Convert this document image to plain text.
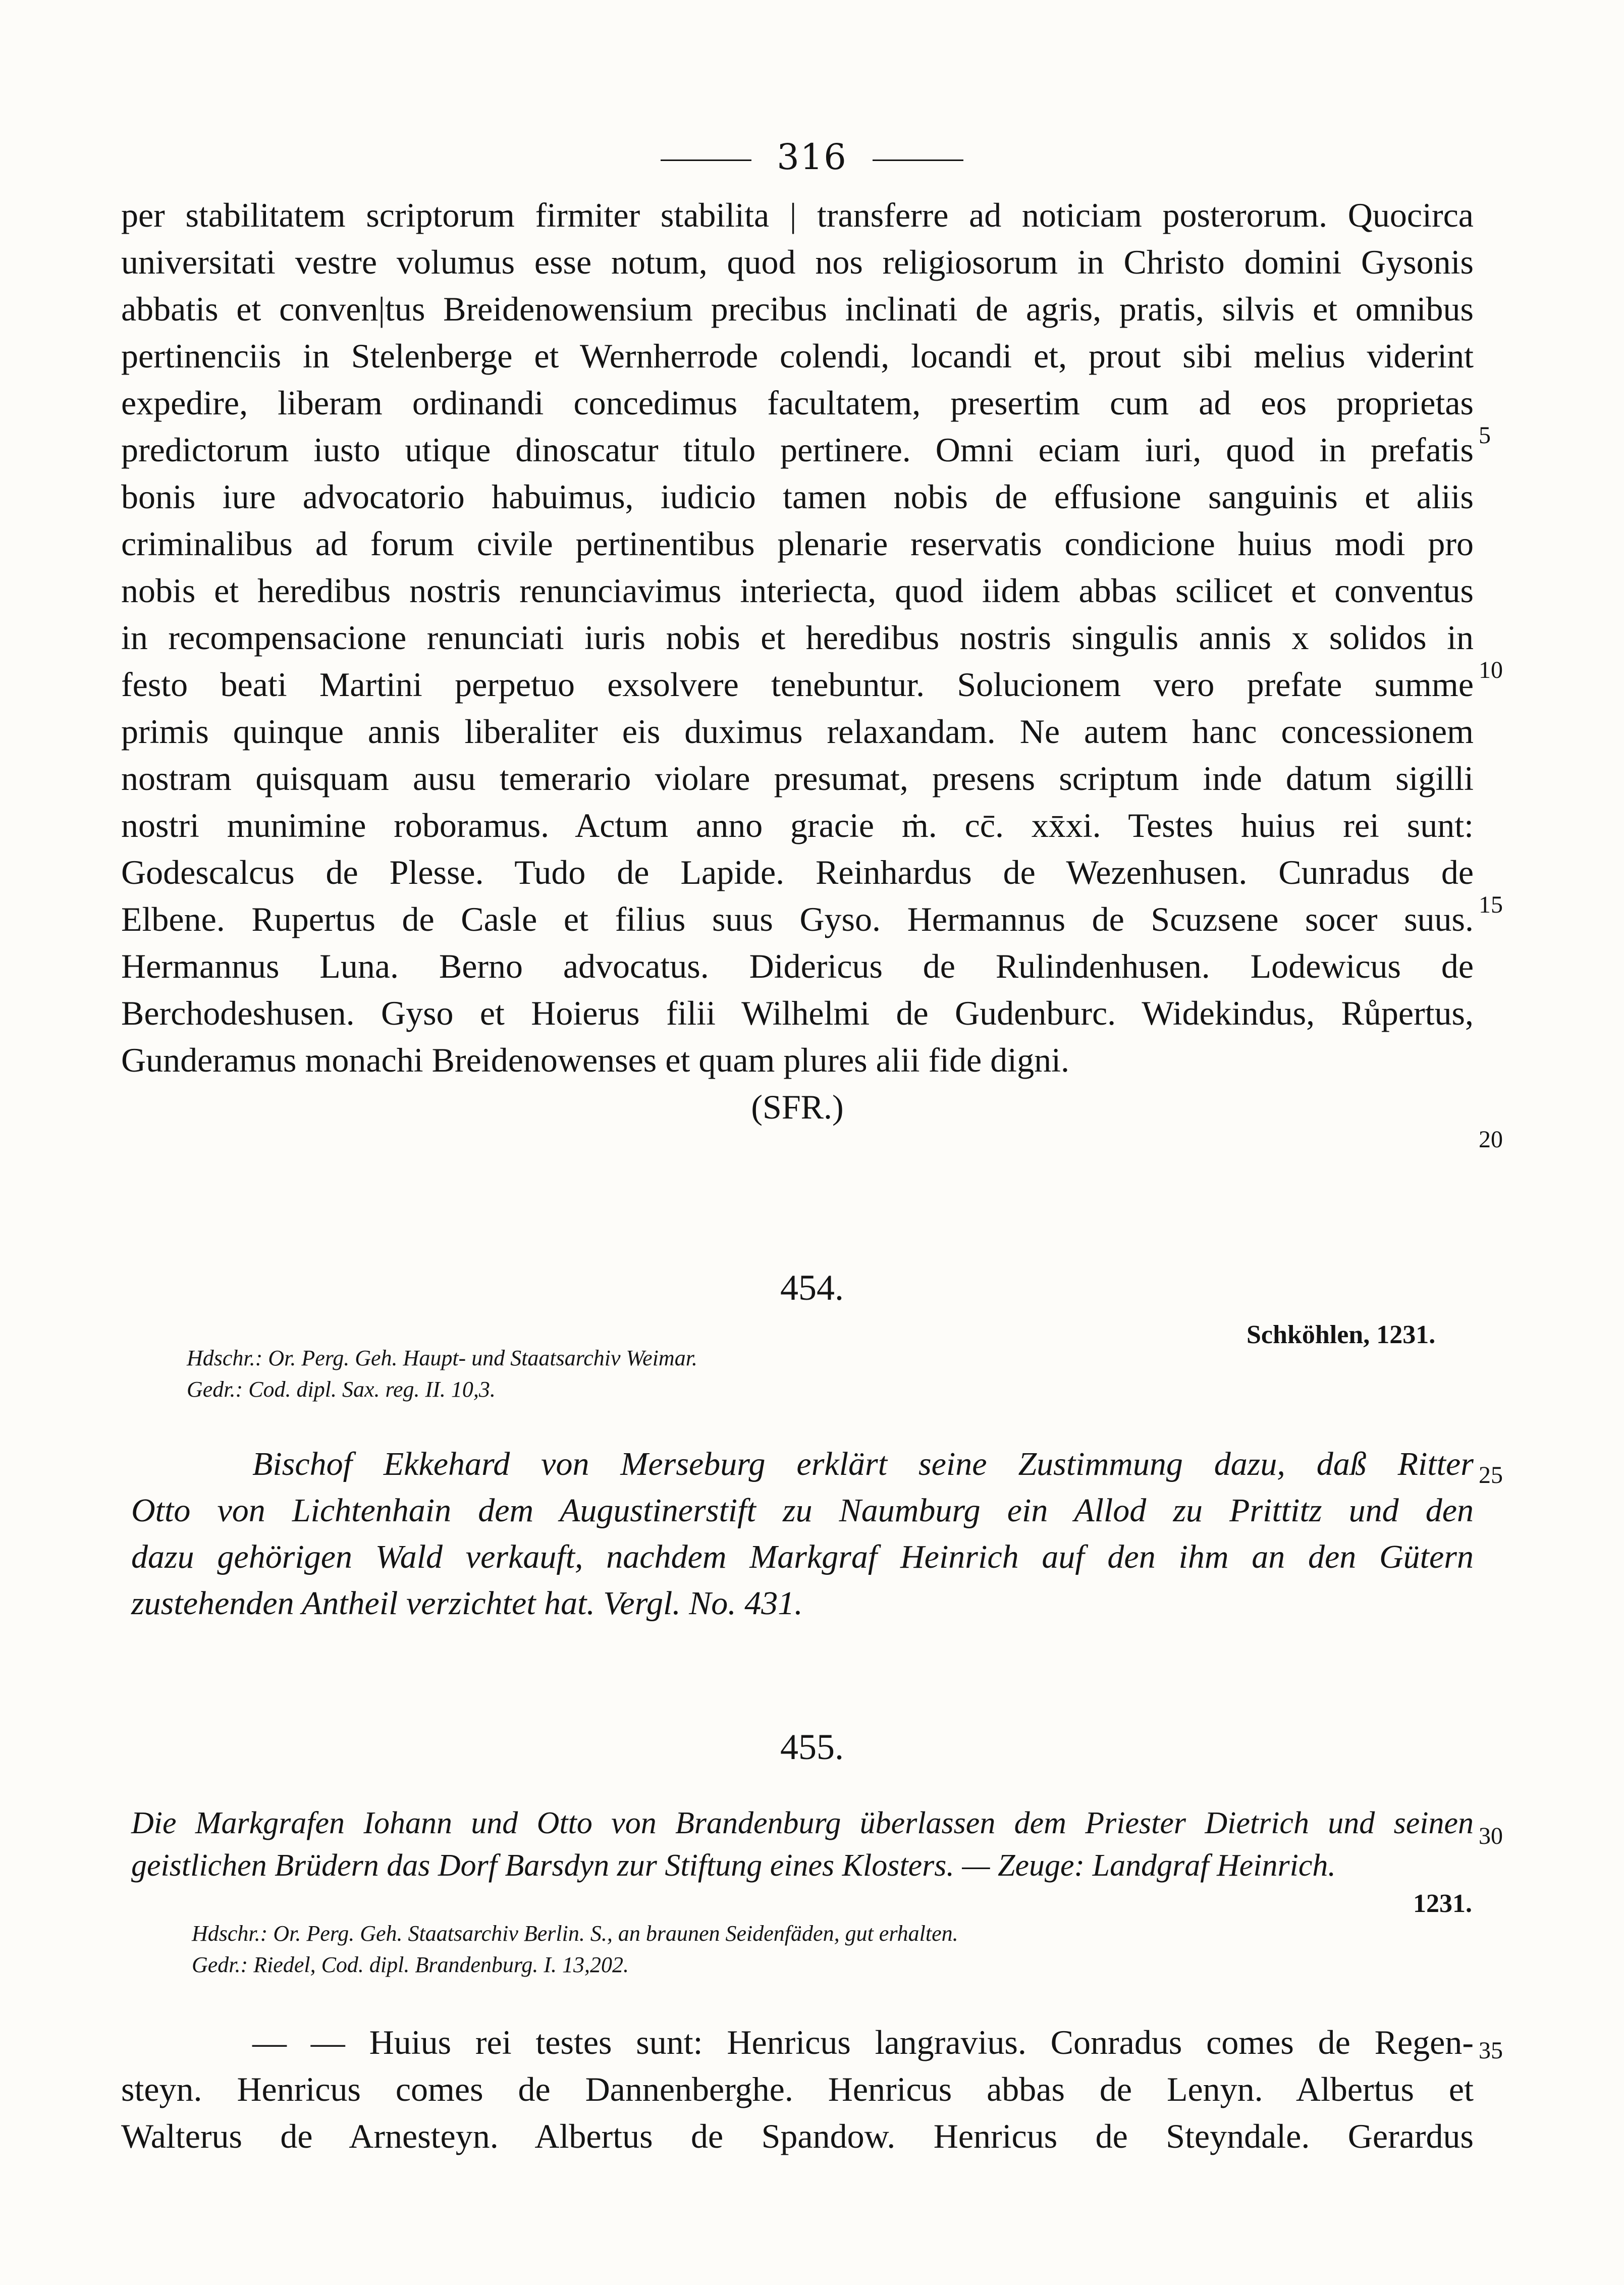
316
per stabilitatem scriptorum firmiter stabilita | transferre ad noticiam posterorum. Quocirca
universitati vestre volumus esse notum, quod nos religiosorum in Christo domini Gysonis
abbatis et conven|tus Breidenowensium precibus inclinati de agris, pratis, silvis et omnibus
pertinenciis in Stelenberge et Wernherrode colendi, locandi et, prout sibi melius viderint
expedire, liberam ordinandi concedimus facultatem, presertim cum ad eos proprietas
predictorum iusto utique dinoscatur titulo pertinere. Omni eciam iuri, quod in prefatis
bonis iure advocatorio habuimus, iudicio tamen nobis de effusione sanguinis et aliis
criminalibus ad forum civile pertinentibus plenarie reservatis condicione huius modi pro
nobis et heredibus nostris renunciavimus interiecta, quod iidem abbas scilicet et conventus
in recompensacione renunciati iuris nobis et heredibus nostris singulis annis x solidos in
festo beati Martini perpetuo exsolvere tenebuntur. Solucionem vero prefate summe
primis quinque annis liberaliter eis duximus relaxandam. Ne autem hanc concessionem
nostram quisquam ausu temerario violare presumat, presens scriptum inde datum sigilli
nostri munimine roboramus. Actum anno gracie ṁ. cc̄. xx̄xi. Testes huius rei sunt:
Godescalcus de Plesse. Tudo de Lapide. Reinhardus de Wezenhusen. Cunradus de
Elbene. Rupertus de Casle et filius suus Gyso. Hermannus de Scuzsene socer suus.
Hermannus Luna. Berno advocatus. Didericus de Rulindenhusen. Lodewicus de
Berchodeshusen. Gyso et Hoierus filii Wilhelmi de Gudenburc. Widekindus, Růpertus,
Gunderamus monachi Breidenowenses et quam plures alii fide digni.
(SFR.)
5
10
15
20
454.
Schköhlen, 1231.
Hdschr.: Or. Perg. Geh. Haupt- und Staatsarchiv Weimar.
Gedr.: Cod. dipl. Sax. reg. II. 10,3.
Bischof Ekkehard von Merseburg erklärt seine Zustimmung dazu, daß Ritter
Otto von Lichtenhain dem Augustinerstift zu Naumburg ein Allod zu Prittitz und den
dazu gehörigen Wald verkauft, nachdem Markgraf Heinrich auf den ihm an den Gütern
zustehenden Antheil verzichtet hat. Vergl. No. 431.
25
455.
Die Markgrafen Iohann und Otto von Brandenburg überlassen dem Priester Dietrich und seinen
geistlichen Brüdern das Dorf Barsdyn zur Stiftung eines Klosters. — Zeuge: Landgraf Heinrich.
30
1231.
Hdschr.: Or. Perg. Geh. Staatsarchiv Berlin. S., an braunen Seidenfäden, gut erhalten.
Gedr.: Riedel, Cod. dipl. Brandenburg. I. 13,202.
— — Huius rei testes sunt: Henricus langravius. Conradus comes de Regen-
steyn. Henricus comes de Dannenberghe. Henricus abbas de Lenyn. Albertus et
Walterus de Arnesteyn. Albertus de Spandow. Henricus de Steyndale. Gerardus
35
